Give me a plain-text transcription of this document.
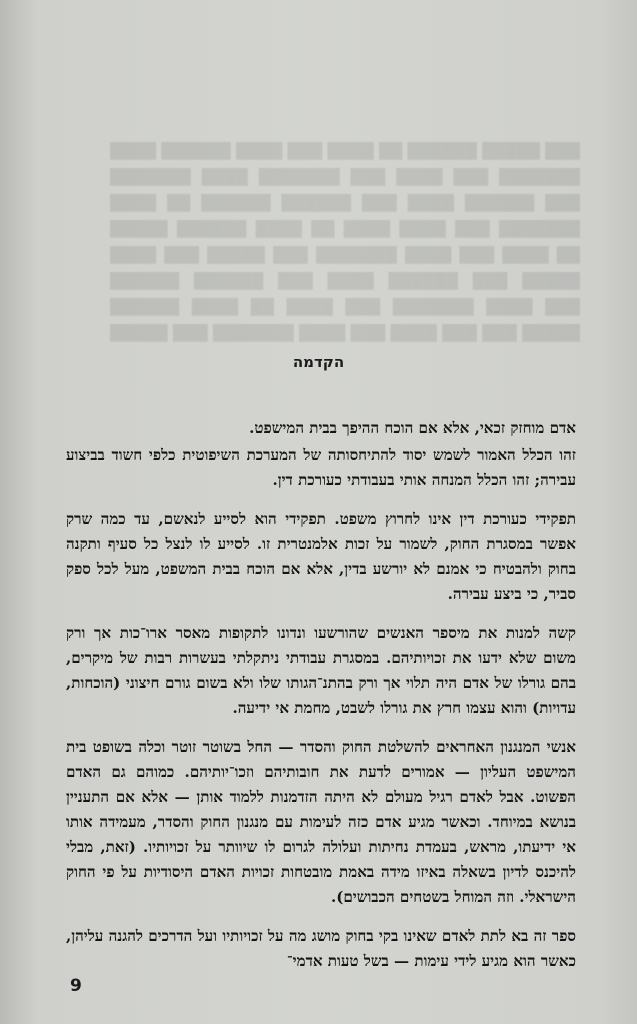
████ ██████ ████ ███ ████ ██ ██████ █████ ███ ███████ ████ ███████ ███ ████ ███ ███████ ████ ██ ██████ ██████ ███ ████ ██████ ███ █████ ██████ ████ ██ ████ ████ ███ ███████ ████ ███ █████ ███ ███████ ████ ███ ████ ██ ██████ ██████ ███ ████ ██████ ███ █████ ██████ ████ ██ ████ ███ ███████ ████ ███ █████ ███ ███████ ████ ███ ████ ███ ███ █████
הקדמה

אדם מוחזק זכאי, אלא אם הוכח ההיפך בבית המישפט.

זהו הכלל האמור לשמש יסוד להתיחסותה של המערכת השיפוטית כלפי חשוד בביצוע עבירה; זהו הכלל המנחה אותי בעבודתי כעורכת דין.

תפקידי כעורכת דין אינו לחרוץ משפט. תפקידי הוא לסייע לנאשם, עד כמה שרק אפשר במסגרת החוק, לשמור על זכות אלמנטרית זו. לסייע לו לנצל כל סעיף ותקנה בחוק ולהבטיח כי אמנם לא יורשע בדין, אלא אם הוכח בבית המשפט, מעל לכל ספק סביר, כי ביצע עבירה.

קשה למנות את מיספר האנשים שהורשעו ונדונו לתקופות מאסר ארו־כות אך ורק משום שלא ידעו את זכויותיהם. במסגרת עבודתי ניתקלתי בעשרות רבות של מיקרים, בהם גורלו של אדם היה תלוי אך ורק בהתנ־הגותו שלו ולא בשום גורם חיצוני (הוכחות, עדויות) והוא עצמו חרץ את גורלו לשבט, מחמת אי ידיעה.

אנשי המנגנון האחראים להשלטת החוק והסדר — החל בשוטר זוטר וכלה בשופט בית המישפט העליון — אמורים לדעת את חובותיהם וזכו־יותיהם. כמוהם גם האדם הפשוט. אבל לאדם רגיל מעולם לא היתה הזדמנות ללמוד אותן — אלא אם התעניין בנושא במיוחד. וכאשר מגיע אדם כזה לעימות עם מנגנון החוק והסדר, מעמידה אותו אי ידיעתו, מראש, בעמדת נחיתות ועלולה לגרום לו שיוותר על זכויותיו. (זאת, מבלי להיכנס לדיון בשאלה באיזו מידה באמת מובטחות זכויות האדם היסודיות על פי החוק הישראלי. וזה המוחל בשטחים הכבושים).

ספר זה בא לתת לאדם שאינו בקי בחוק מושג מה על זכויותיו ועל הדרכים להגנה עליהן, כאשר הוא מגיע לידי עימות — בשל טעות אדמי־

9
